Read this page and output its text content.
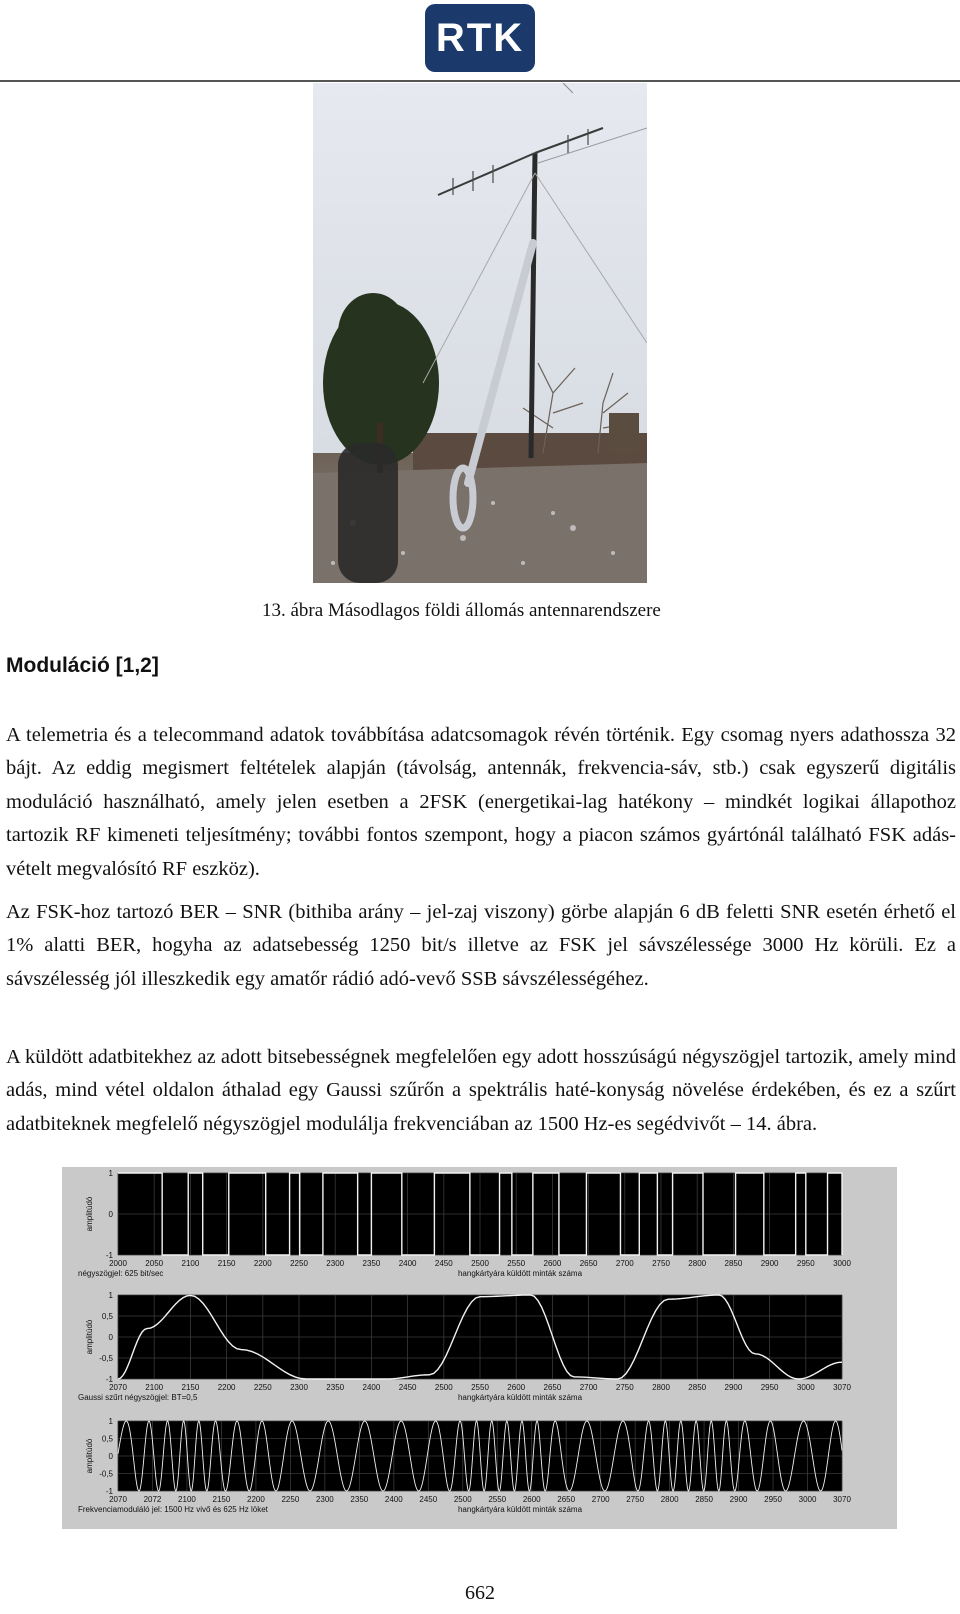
RTK
13. ábra Másodlagos földi állomás antennarendszere
Moduláció [1,2]

A telemetria és a telecommand adatok továbbítása adatcsomagok révén történik. Egy csomag nyers adathossza 32 bájt. Az eddig megismert feltételek alapján (távolság, antennák, frekvencia-sáv, stb.) csak egyszerű digitális moduláció használható, amely jelen esetben a 2FSK (energetikai-lag hatékony – mindkét logikai állapothoz tartozik RF kimeneti teljesítmény; további fontos szempont, hogy a piacon számos gyártónál található FSK adás-vételt megvalósító RF eszköz).

Az FSK-hoz tartozó BER – SNR (bithiba arány – jel-zaj viszony) görbe alapján 6 dB feletti SNR esetén érhető el 1% alatti BER, hogyha az adatsebesség 1250 bit/s illetve az FSK jel sávszélessége 3000 Hz körüli. Ez a sávszélesség jól illeszkedik egy amatőr rádió adó-vevő SSB sávszélességéhez.

A küldött adatbitekhez az adott bitsebességnek megfelelően egy adott hosszúságú négyszögjel tartozik, amely mind adás, mind vétel oldalon áthalad egy Gaussi szűrőn a spektrális haté-konyság növelése érdekében, és ez a szűrt adatbiteknek megfelelő négyszögjel modulálja frekvenciában az 1500 Hz-es segédvivőt – 14. ábra.

1
0
-1
2000 2050 2100 2150 2200 2250 2300 2350 2400 2450 2500 2550 2600 2650 2700 2750 2800 2850 2900 2950 3000
amplitúdó
négyszögjel: 625 bit/sec	hangkártyára küldött minták száma
1
0,5
0
-0,5
-1
2070 2100 2150 2200 2250 2300 2350 2400 2450 2500 2550 2600 2650 2700 2750 2800 2850 2900 2950 3000 3070
amplitúdó
Gaussi szűrt négyszögjel: BT=0,5	hangkártyára küldött minták száma
1
0,5
0
-0,5
-1
2070 2072 2100 2150 2200 2250 2300 2350 2400 2450 2500 2550 2600 2650 2700 2750 2800 2850 2900 2950 3000 3070
amplitúdó
Frekvenciamoduláló jel: 1500 Hz vivő és 625 Hz löket	hangkártyára küldött minták száma
662
